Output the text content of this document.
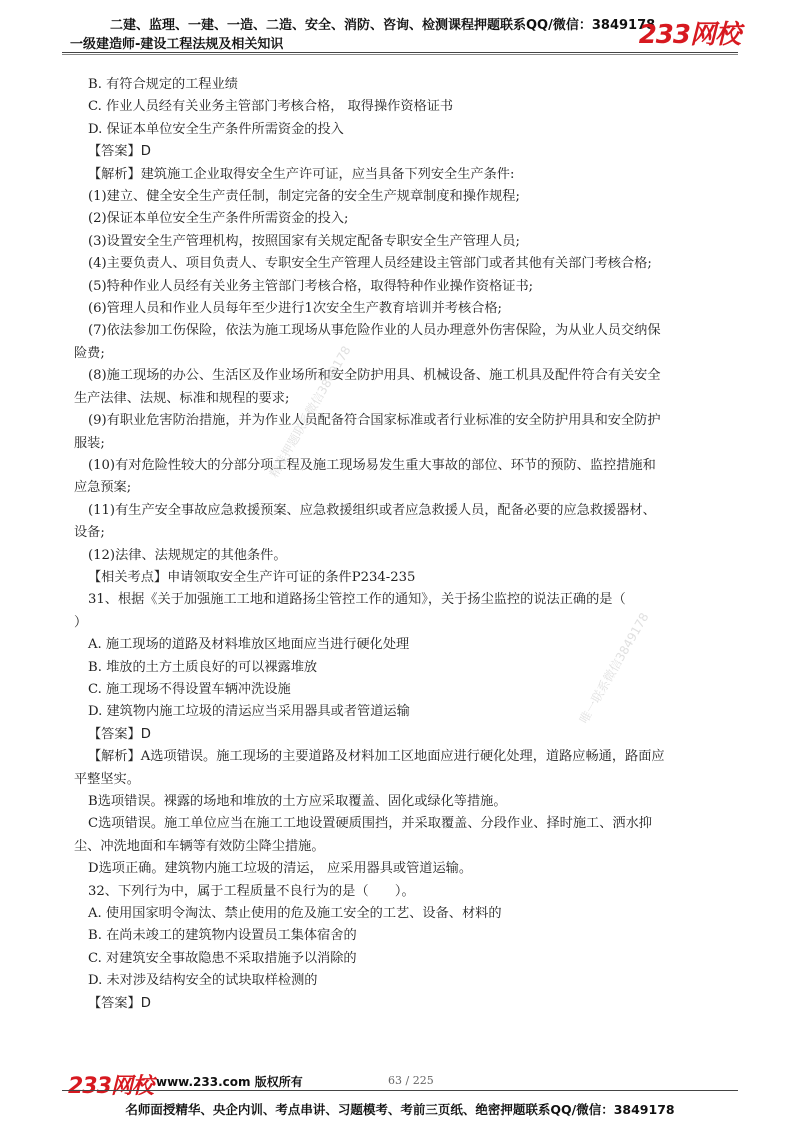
二建、监理、一建、一造、二造、安全、消防、咨询、检测课程押题联系QQ/微信：3849178
一级建造师-建设工程法规及相关知识	233网校

B. 有符合规定的工程业绩

C. 作业人员经有关业务主管部门考核合格， 取得操作资格证书

D. 保证本单位安全生产条件所需资金的投入

【答案】D

【解析】建筑施工企业取得安全生产许可证，应当具备下列安全生产条件:

(1)建立、健全安全生产责任制，制定完备的安全生产规章制度和操作规程;

(2)保证本单位安全生产条件所需资金的投入;

(3)设置安全生产管理机构，按照国家有关规定配备专职安全生产管理人员;

(4)主要负责人、项目负责人、专职安全生产管理人员经建设主管部门或者其他有关部门考核合格;

(5)特种作业人员经有关业务主管部门考核合格，取得特种作业操作资格证书;

(6)管理人员和作业人员每年至少进行1次安全生产教育培训并考核合格;

(7)依法参加工伤保险，依法为施工现场从事危险作业的人员办理意外伤害保险，为从业人员交纳保

险费;

(8)施工现场的办公、生活区及作业场所和安全防护用具、机械设备、施工机具及配件符合有关安全

生产法律、法规、标准和规程的要求;

(9)有职业危害防治措施，并为作业人员配备符合国家标准或者行业标准的安全防护用具和安全防护

服装;

(10)有对危险性较大的分部分项工程及施工现场易发生重大事故的部位、环节的预防、监控措施和

应急预案;

(11)有生产安全事故应急救援预案、应急救援组织或者应急救援人员，配备必要的应急救援器材、

设备;

(12)法律、法规规定的其他条件。

【相关考点】申请领取安全生产许可证的条件P234-235

31、根据《关于加强施工工地和道路扬尘管控工作的通知》，关于扬尘监控的说法正确的是（

）

A. 施工现场的道路及材料堆放区地面应当进行硬化处理

B. 堆放的土方土质良好的可以裸露堆放

C. 施工现场不得设置车辆冲洗设施

D. 建筑物内施工垃圾的清运应当采用器具或者管道运输

【答案】D

【解析】A选项错误。施工现场的主要道路及材料加工区地面应进行硬化处理，道路应畅通，路面应

平整坚实。

B选项错误。裸露的场地和堆放的土方应采取覆盖、固化或绿化等措施。

C选项错误。施工单位应当在施工工地设置硬质围挡，并采取覆盖、分段作业、择时施工、洒水抑

尘、冲洗地面和车辆等有效防尘降尘措施。

D选项正确。建筑物内施工垃圾的清运， 应采用器具或管道运输。

32、下列行为中，属于工程质量不良行为的是（　　）。

A. 使用国家明令淘汰、禁止使用的危及施工安全的工艺、设备、材料的

B. 在尚未竣工的建筑物内设置员工集体宿舍的

C. 对建筑安全事故隐患不采取措施予以消除的

D. 未对涉及结构安全的试块取样检测的

【答案】D

精准押题联系微信3849178
唯一联系微信3849178
233网校 www.233.com 版权所有	63 / 225
名师面授精华、央企内训、考点串讲、习题模考、考前三页纸、绝密押题联系QQ/微信：3849178
